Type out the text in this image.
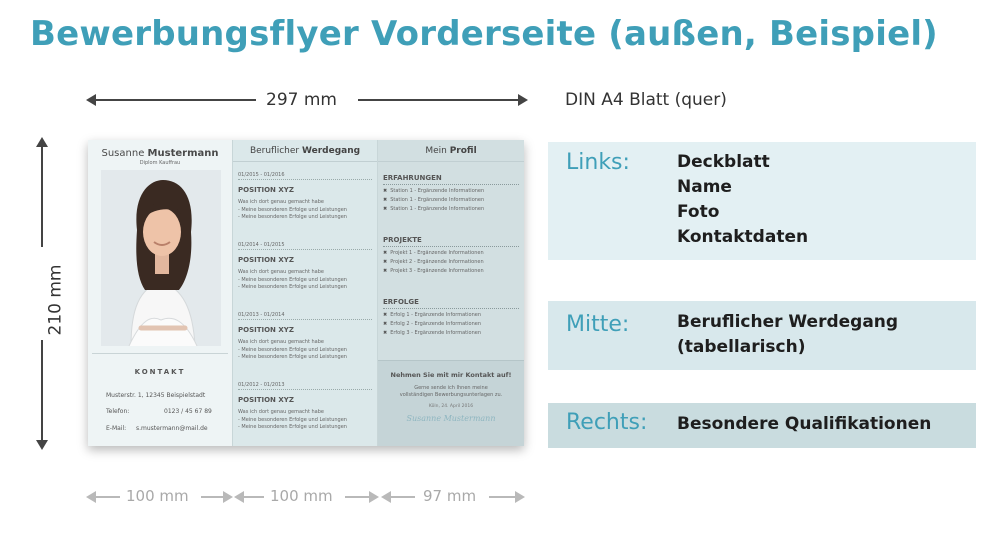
Bewerbungsflyer Vorderseite (außen, Beispiel)
297 mm	DIN A4 Blatt (quer)
210 mm
Susanne Mustermann
Diplom Kauffrau
KONTAKT
Musterstr. 1, 12345 Beispielstadt
Telefon:	0123 / 45 67 89
E-Mail: s.mustermann@mail.de
Beruflicher Werdegang
01/2015 - 01/2016
POSITION XYZ
Was ich dort genau gemacht habe
- Meine besonderen Erfolge und Leistungen
- Meine besonderen Erfolge und Leistungen
01/2014 - 01/2015
POSITION XYZ
Was ich dort genau gemacht habe
- Meine besonderen Erfolge und Leistungen
- Meine besonderen Erfolge und Leistungen
01/2013 - 01/2014
POSITION XYZ
Was ich dort genau gemacht habe
- Meine besonderen Erfolge und Leistungen
- Meine besonderen Erfolge und Leistungen
01/2012 - 01/2013
POSITION XYZ
Was ich dort genau gemacht habe
- Meine besonderen Erfolge und Leistungen
- Meine besonderen Erfolge und Leistungen
Mein Profil
ERFAHRUNGEN
✖ Station 1 - Ergänzende Informationen
✖ Station 1 - Ergänzende Informationen
✖ Station 1 - Ergänzende Informationen
PROJEKTE
✖ Projekt 1 - Ergänzende Informationen
✖ Projekt 2 - Ergänzende Informationen
✖ Projekt 3 - Ergänzende Informationen
ERFOLGE
✖ Erfolg 1 - Ergänzende Informationen
✖ Erfolg 2 - Ergänzende Informationen
✖ Erfolg 3 - Ergänzende Informationen
Nehmen Sie mit mir Kontakt auf!
Gerne sende ich Ihnen meine
vollständigen Bewerbungsunterlagen zu.
Köln, 24. April 2016
Susanne Mustermann
100 mm	100 mm	97 mm
Links:	Deckblatt
Name
Foto
Kontaktdaten
Mitte:	Beruflicher Werdegang
(tabellarisch)
Rechts: Besondere Qualifikationen
